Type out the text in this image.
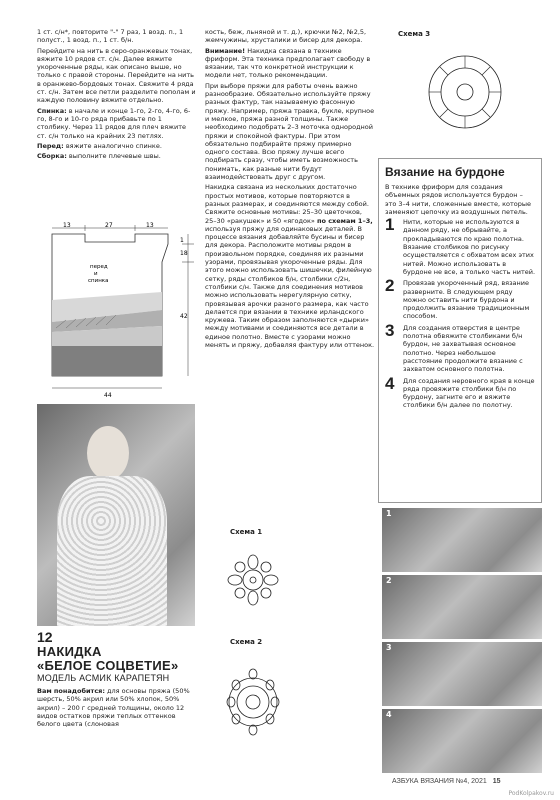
1 ст. с/н*, повторите "-" 7 раз, 1 возд. п., 1 полуст., 1 возд. п., 1 ст. б/н.

Перейдите на нить в серо-оранжевых тонах, вяжите 10 рядов ст. с/н. Далее вяжите укороченные ряды, как описано выше, но только с правой стороны. Перейдите на нить в оранжево-бордовых тонах. Свяжите 4 ряда ст. с/н. Затем все петли разделите пополам и каждую половину вяжите отдельно.

Спинка: в начале и конце 1-го, 2-го, 4-го, 6-го, 8-го и 10-го ряда прибавьте по 1 столбику. Через 11 рядов для плеч вяжите ст. с/н только на крайних 23 петлях.

Перед: вяжите аналогично спинке.

Сборка: выполните плечевые швы.

13	27	13
1
18
42
44
перед
и
спинка
12
НАКИДКА
«БЕЛОЕ СОЦВЕТИЕ»
МОДЕЛЬ АСМИК КАРАПЕТЯН

Вам понадобится: для основы пряжа (50% шерсть, 50% акрил или 50% хлопок, 50% акрил) – 200 г средней толщины, около 12 видов остатков пряжи теплых оттенков белого цвета (слоновая

кость, беж, льняной и т. д.), крючки №2, №2,5, жемчужины, хрусталики и бисер для декора.

Внимание! Накидка связана в технике фриформ. Эта техника предполагает свободу в вязании, так что конкретной инструкции к модели нет, только рекомендации.

При выборе пряжи для работы очень важно разнообразие. Обязательно используйте пряжу разных фактур, так называемую фасонную пряжу. Например, пряжа травка, букле, крупное и мелкое, пряжа разной толщины. Также необходимо подобрать 2–3 моточка однородной пряжи и спокойной фактуры. При этом обязательно подбирайте пряжу примерно одного состава. Всю пряжу лучше всего подбирать сразу, чтобы иметь возможность понимать, как разные нити будут взаимодействовать друг с другом.

Накидка связана из нескольких достаточно простых мотивов, которые повторяются в разных размерах, и соединяются между собой. Свяжите основные мотивы: 25–30 цветочков, 25–30 «ракушек» и 50 «ягодок» по схемам 1–3, используя пряжу для одинаковых деталей. В процессе вязания добавляйте бусины и бисер для декора. Расположите мотивы рядом в произвольном порядке, соединяя их разными узорами, провязывая укороченные ряды. Для этого можно использовать шишечки, филейную сетку, ряды столбиков б/н, столбики с/2н, столбики с/н. Также для соединения мотивов можно использовать нерегулярную сетку, провязывая арочки разного размера, как часто делается при вязании в технике ирландского кружева. Таким образом заполняются «дырки» между мотивами и соединяются все детали в единое полотно. Вместе с узорами можно менять и пряжу, добавляя фактуру или оттенок.

Схема 1
Схема 2
Схема 3
Вязание на бурдоне

В технике фриформ для создания объемных рядов используется бурдон – это 3–4 нити, сложенные вместе, которые заменяют цепочку из воздушных петель.

1 Нити, которые не используются в данном ряду, не обрывайте, а прокладываются по краю полотна. Вязание столбиков по рисунку осуществляется с обхватом всех этих нитей. Можно использовать в бурдоне не все, а только часть нитей.
2 Провязав укороченный ряд, вязание разверните. В следующем ряду можно оставить нити бурдона и продолжить вязание традиционным способом.
3 Для создания отверстия в центре полотна обвяжите столбиками б/н бурдон, не захватывая основное полотно. Через небольшое расстояние продолжите вязание с захватом основного полотна.
4 Для создания неровного края в конце ряда провяжите столбики б/н по бурдону, загните его и вяжите столбики б/н далее по полотну.
1
2
3
4
АЗБУКА ВЯЗАНИЯ №4, 2021 15
PodKolpakov.ru
